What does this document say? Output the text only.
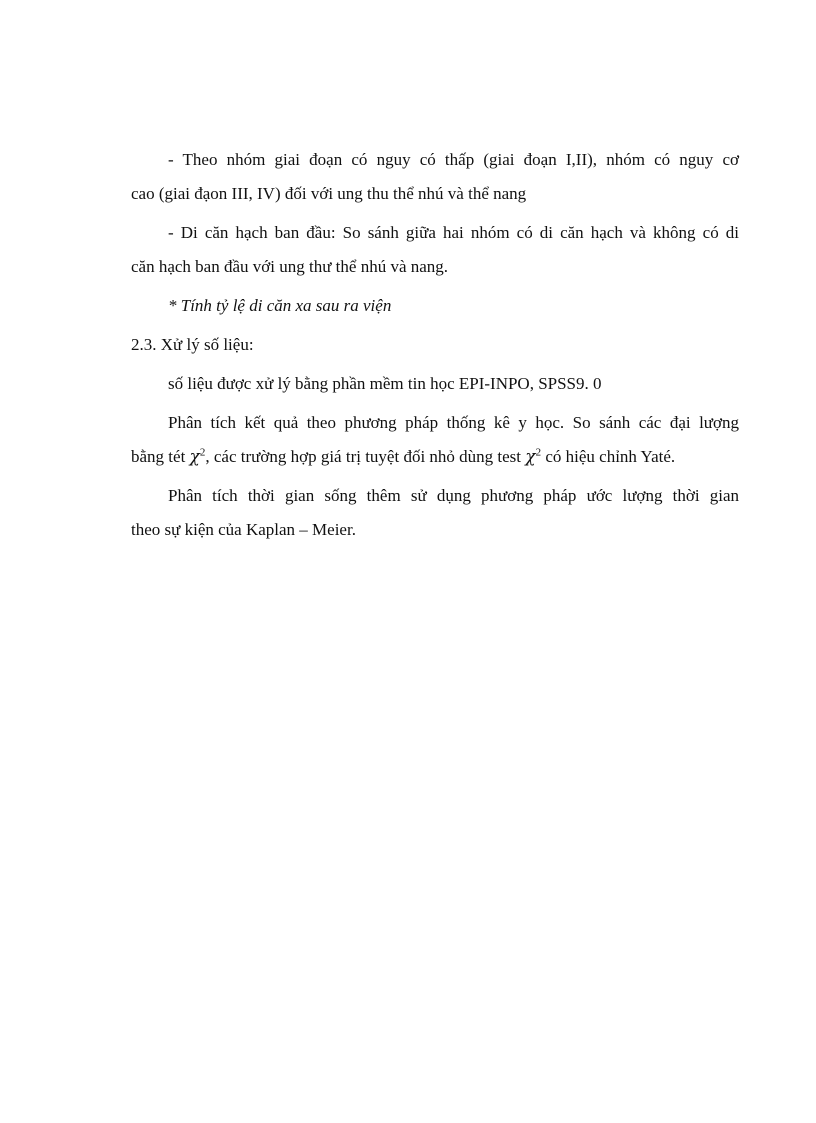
- Theo nhóm giai đoạn có nguy có thấp (giai đoạn I,II), nhóm có nguy cơ
cao (giai đạon III, IV) đối với ung thu thể nhú và thể nang

- Di căn hạch ban đầu: So sánh giữa hai nhóm có di căn hạch và không có di
căn hạch ban đầu với ung thư thể nhú và nang.

* Tính tỷ lệ di căn xa sau ra viện

2.3. Xử lý số liệu:

số liệu được xử lý bằng phần mềm tin học EPI-INPO, SPSS9. 0

Phân tích kết quả theo phương pháp thống kê y học. So sánh các đại lượng
bằng tét $\chi^2$, các trường hợp giá trị tuyệt đối nhỏ dùng test $\chi^2$ có hiệu chỉnh Yaté.

Phân tích thời gian sống thêm sử dụng phương pháp ước lượng thời gian
theo sự kiện của Kaplan – Meier.
